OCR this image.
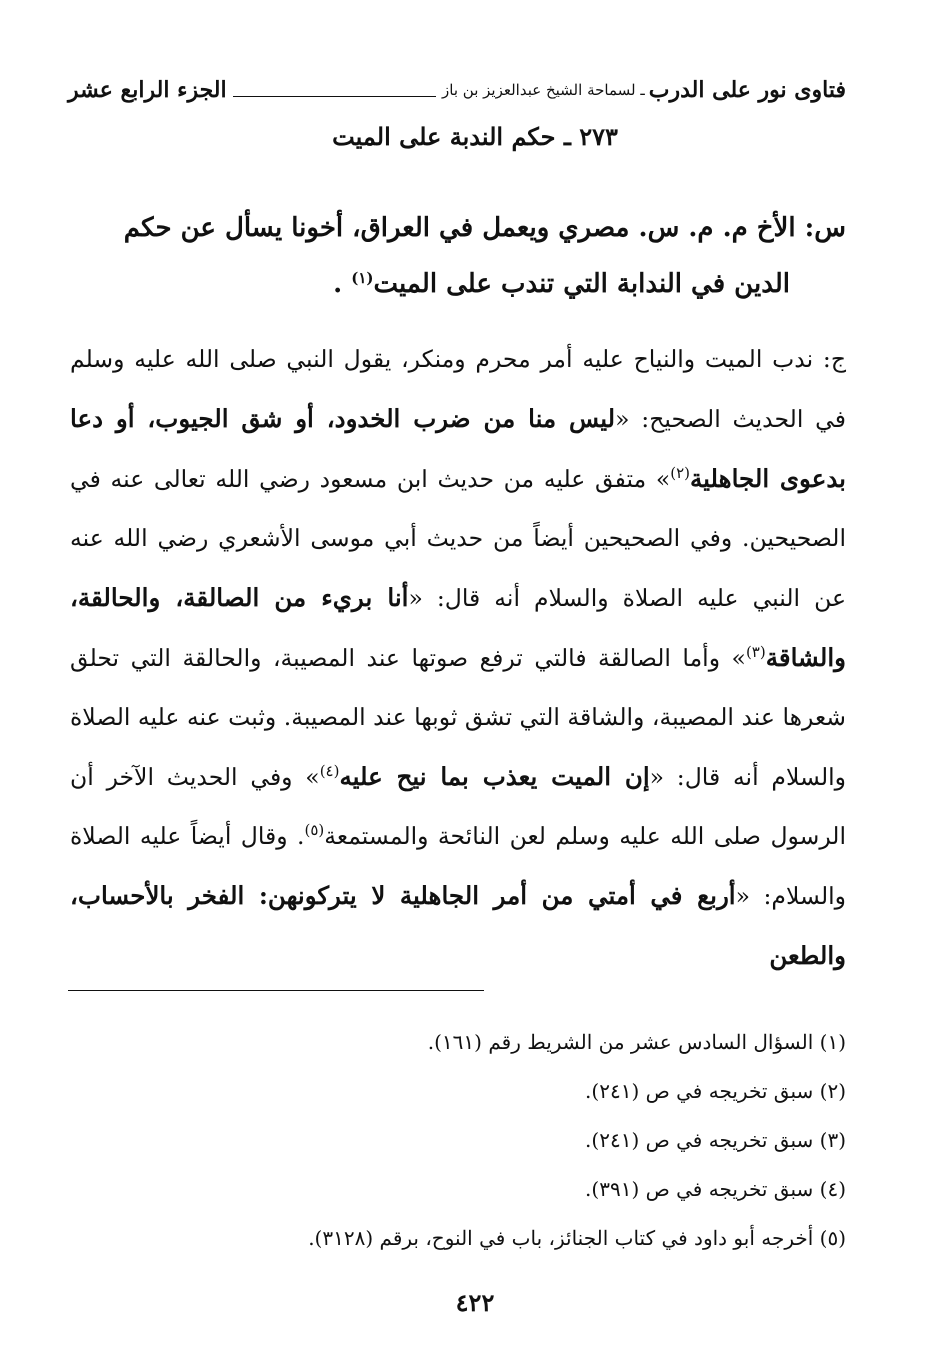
فتاوى نور على الدرب
ـ لسماحة الشيخ عبدالعزيز بن باز
الجزء الرابع عشر
٢٧٣ ـ حكم الندبة على الميت
س: الأخ م. م. س. مصري ويعمل في العراق، أخونا يسأل عن حكم
الدين في الندابة التي تندب على الميت$^{(١)}$ .
ج: ندب الميت والنياح عليه أمر محرم ومنكر، يقول النبي صلى الله عليه وسلم في الحديث الصحيح: «ليس منا من ضرب الخدود، أو شق الجيوب، أو دعا بدعوى الجاهلية$^{(٢)}$» متفق عليه من حديث ابن مسعود رضي الله تعالى عنه في الصحيحين. وفي الصحيحين أيضاً من حديث أبي موسى الأشعري رضي الله عنه عن النبي عليه الصلاة والسلام أنه قال: «أنا بريء من الصالقة، والحالقة، والشاقة$^{(٣)}$» وأما الصالقة فالتي ترفع صوتها عند المصيبة، والحالقة التي تحلق شعرها عند المصيبة، والشاقة التي تشق ثوبها عند المصيبة. وثبت عنه عليه الصلاة والسلام أنه قال: «إن الميت يعذب بما نيح عليه$^{(٤)}$» وفي الحديث الآخر أن الرسول صلى الله عليه وسلم لعن النائحة والمستمعة$^{(٥)}$. وقال أيضاً عليه الصلاة والسلام: «أربع في أمتي من أمر الجاهلية لا يتركونهن: الفخر بالأحساب، والطعن
(١) السؤال السادس عشر من الشريط رقم (١٦١).
(٢) سبق تخريجه في ص (٢٤١).
(٣) سبق تخريجه في ص (٢٤١).
(٤) سبق تخريجه في ص (٣٩١).
(٥) أخرجه أبو داود في كتاب الجنائز، باب في النوح، برقم (٣١٢٨).
٤٢٢
